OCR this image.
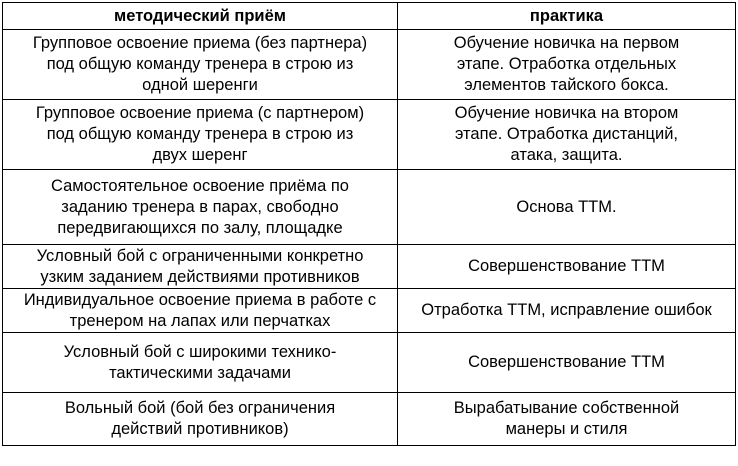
методический приём	практика
Групповое освоение приема (без партнера)
под общую команду тренера в строю из
одной шеренги	Обучение новичка на первом
этапе. Отработка отдельных
элементов тайского бокса.
Групповое освоение приема (с партнером)
под общую команду тренера в строю из
двух шеренг	Обучение новичка на втором
этапе. Отработка дистанций,
атака, защита.
Самостоятельное освоение приёма по
заданию тренера в парах, свободно
передвигающихся по залу, площадке	Основа ТТМ.
Условный бой с ограниченными конкретно
узким заданием действиями противников	Совершенствование ТТМ
Индивидуальное освоение приема в работе с
тренером на лапах или перчатках	Отработка ТТМ, исправление ошибок
Условный бой с широкими технико-
тактическими задачами	Совершенствование ТТМ
Вольный бой (бой без ограничения
действий противников)	Вырабатывание собственной
манеры и стиля
